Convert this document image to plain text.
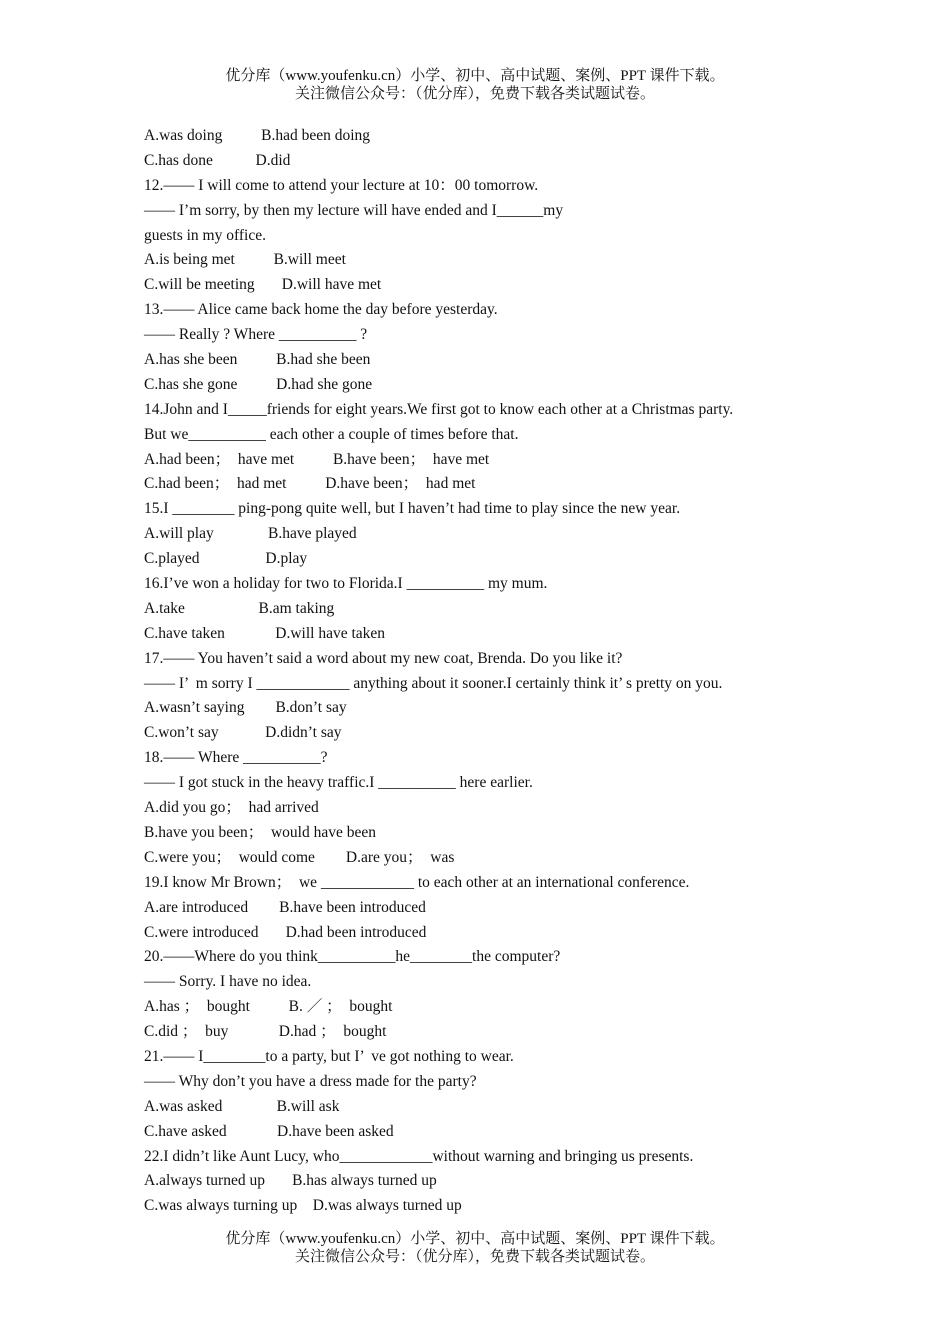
优分库（www.youfenku.cn）小学、初中、高中试题、案例、PPT 课件下载。
关注微信公众号：（优分库），免费下载各类试题试卷。
A.was doing          B.had been doing
C.has done           D.did
12.—— I will come to attend your lecture at 10：00 tomorrow.
—— I’m sorry, by then my lecture will have ended and I______my
guests in my office.
A.is being met          B.will meet
C.will be meeting       D.will have met
13.—— Alice came back home the day before yesterday.
—— Really ? Where __________ ?
A.has she been          B.had she been
C.has she gone          D.had she gone
14.John and I_____friends for eight years.We first got to know each other at a Christmas party.
But we__________ each other a couple of times before that.
A.had been；  have met          B.have been；  have met
C.had been；  had met          D.have been；  had met
15.I ________ ping-pong quite well, but I haven’t had time to play since the new year.
A.will play              B.have played
C.played                 D.play
16.I’ve won a holiday for two to Florida.I __________ my mum.
A.take                   B.am taking
C.have taken             D.will have taken
17.—— You haven’t said a word about my new coat, Brenda. Do you like it?
—— I’  m sorry I ____________ anything about it sooner.I certainly think it’ s pretty on you.
A.wasn’t saying        B.don’t say
C.won’t say            D.didn’t say
18.—— Where __________?
—— I got stuck in the heavy traffic.I __________ here earlier.
A.did you go；  had arrived
B.have you been；  would have been
C.were you；  would come        D.are you；  was
19.I know Mr Brown；  we ____________ to each other at an international conference.
A.are introduced        B.have been introduced
C.were introduced       D.had been introduced
20.——Where do you think__________he________the computer?
—— Sorry. I have no idea.
A.has ；  bought          B. ／ ；  bought
C.did ；  buy             D.had ；  bought
21.—— I________to a party, but I’  ve got nothing to wear.
—— Why don’t you have a dress made for the party?
A.was asked              B.will ask
C.have asked             D.have been asked
22.I didn’t like Aunt Lucy, who____________without warning and bringing us presents.
A.always turned up       B.has always turned up
C.was always turning up    D.was always turned up
优分库（www.youfenku.cn）小学、初中、高中试题、案例、PPT 课件下载。
关注微信公众号：（优分库），免费下载各类试题试卷。
